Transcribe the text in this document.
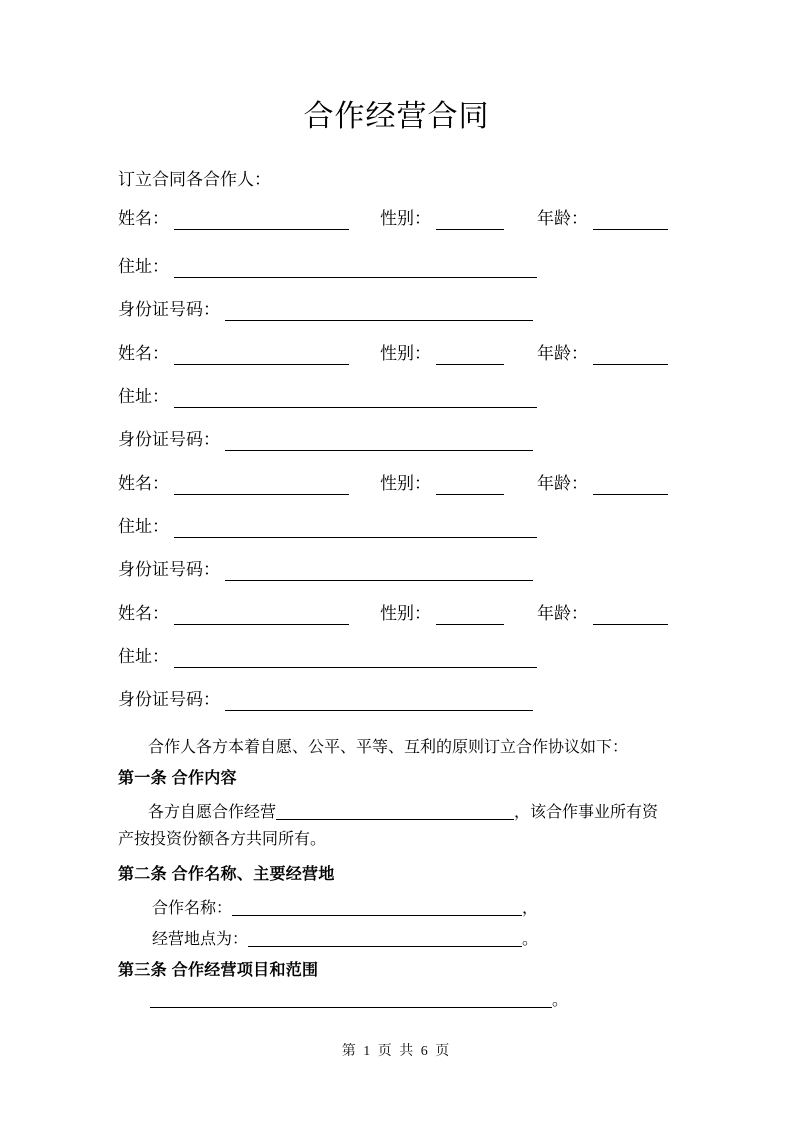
合作经营合同
订立合同各合作人：
姓名：	性别：	年龄：
住址：
身份证号码：
姓名：	性别：	年龄：
住址：
身份证号码：
姓名：	性别：	年龄：
住址：
身份证号码：
姓名：	性别：	年龄：
住址：
身份证号码：
合作人各方本着自愿、公平、平等、互利的原则订立合作协议如下：
第一条 合作内容
各方自愿合作经营	，该合作事业所有资
产按投资份额各方共同所有。
第二条 合作名称、主要经营地
合作名称：	，
经营地点为：	。
第三条 合作经营项目和范围
。
第 1 页 共 6 页
